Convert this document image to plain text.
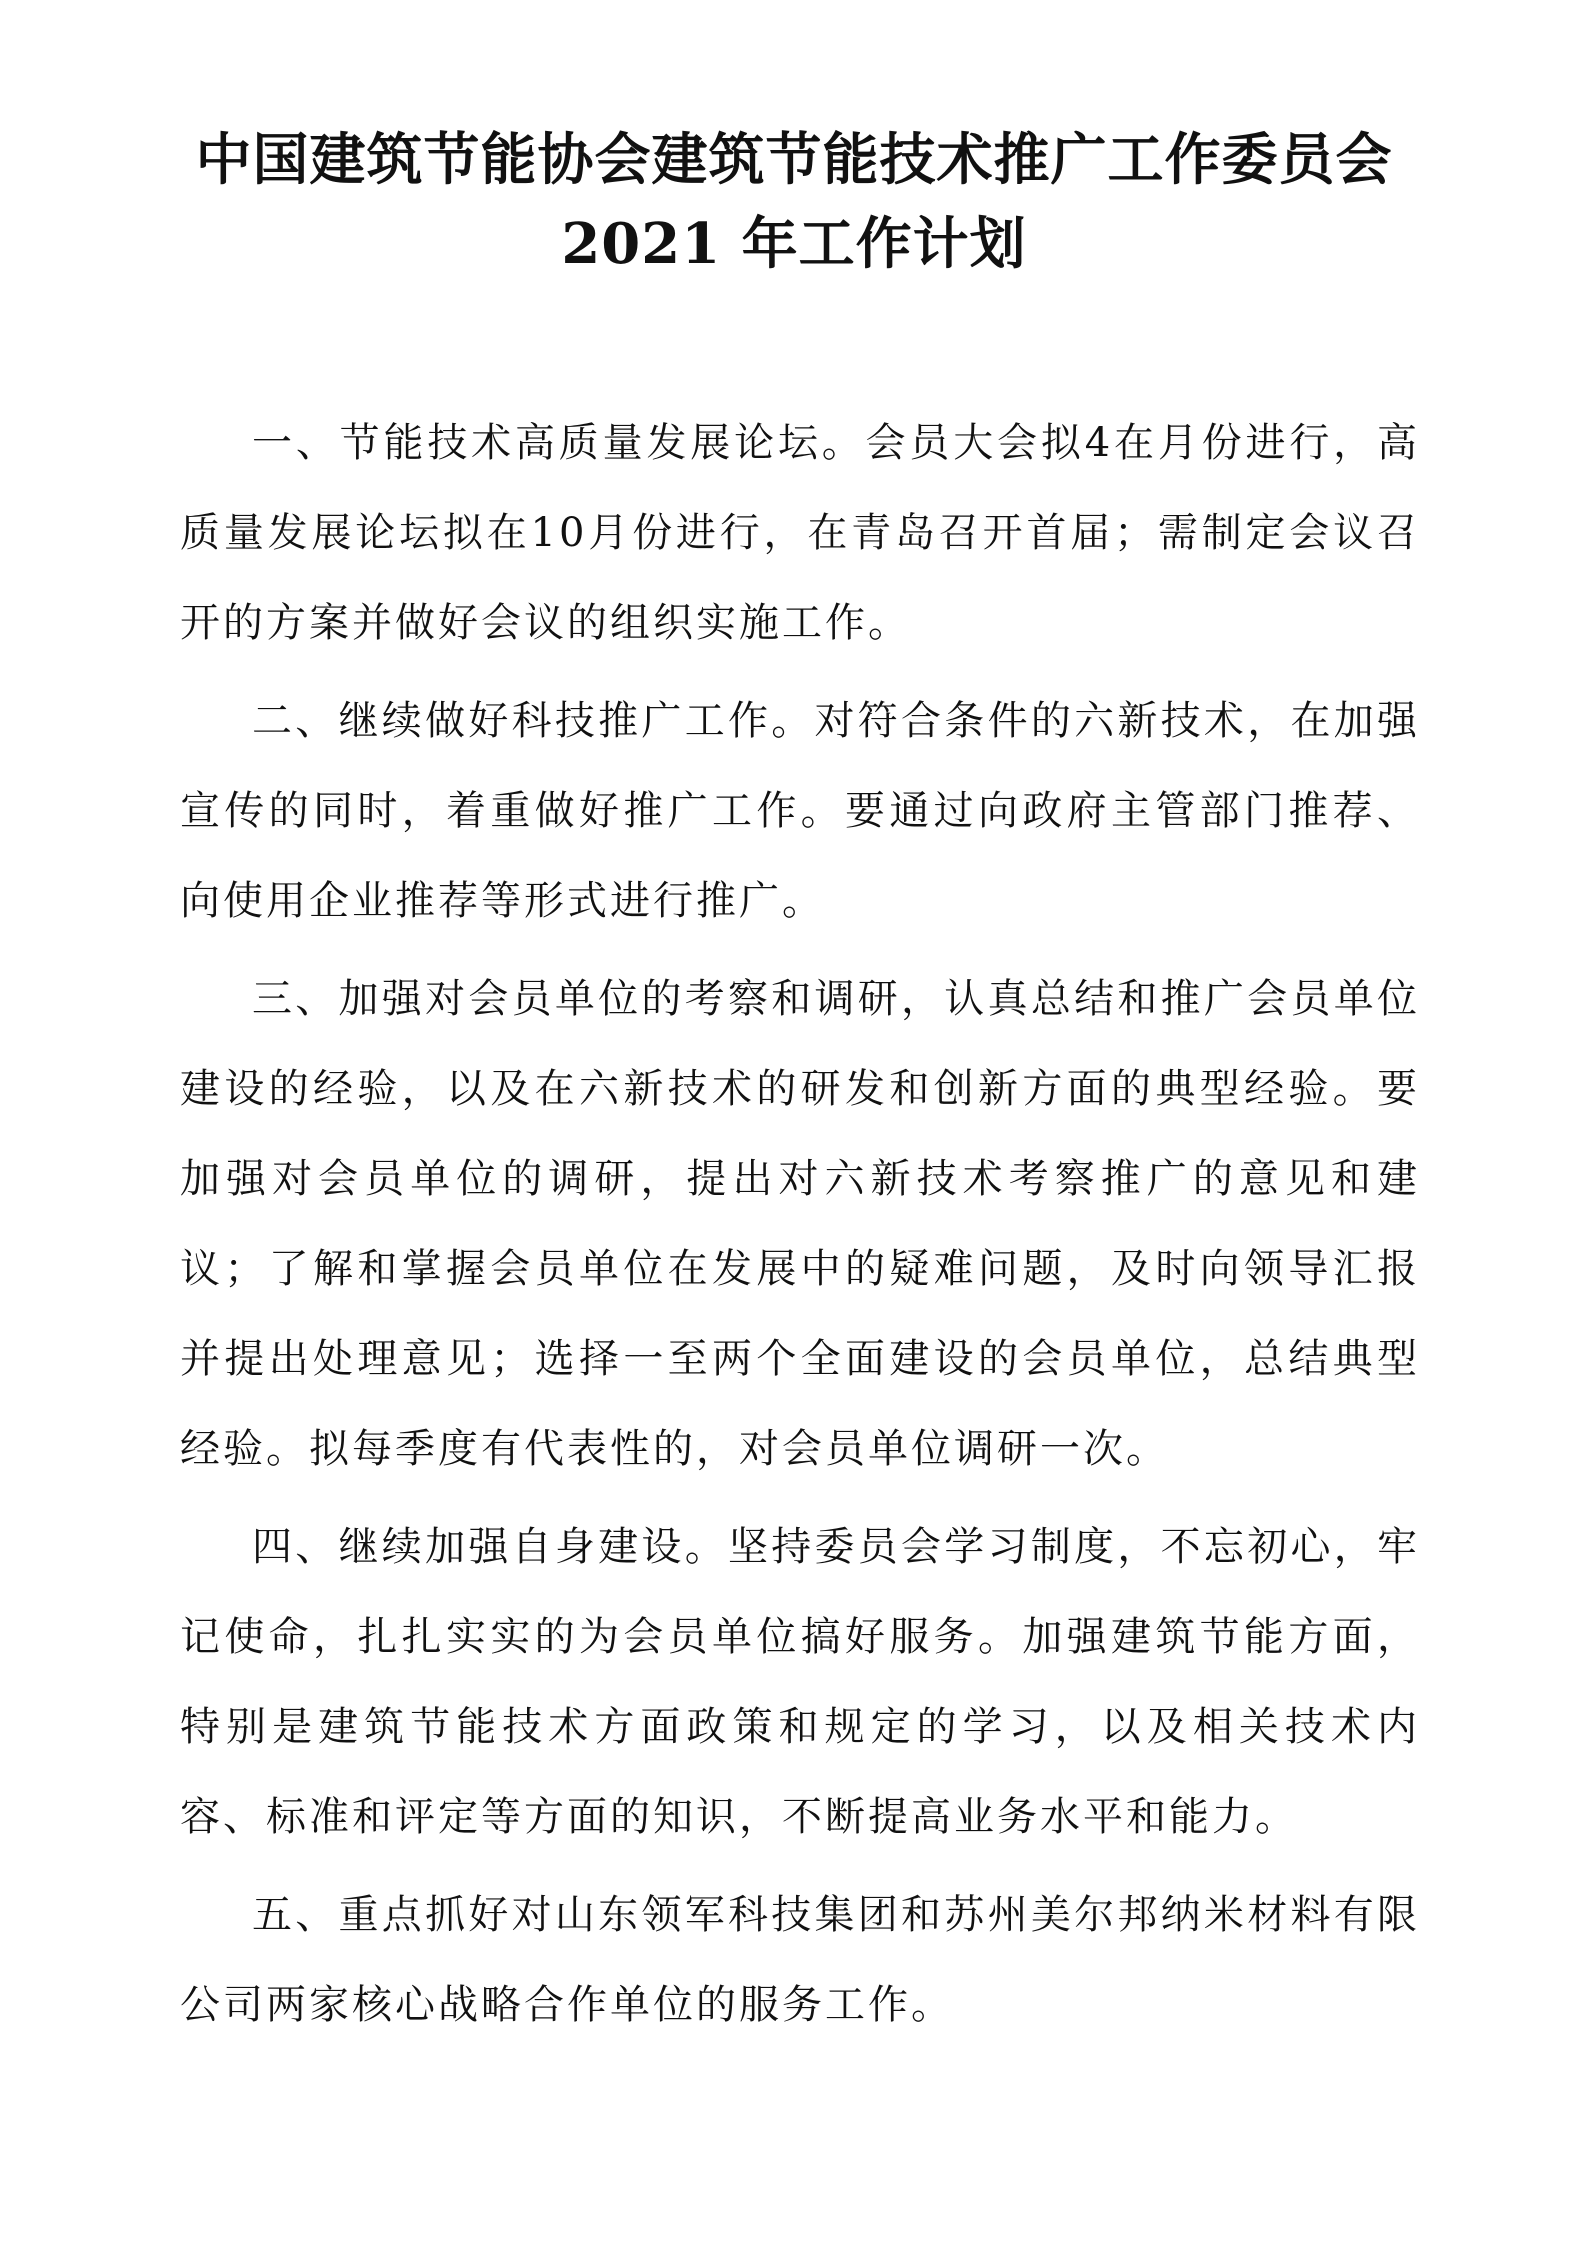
中国建筑节能协会建筑节能技术推广工作委员会
2021 年工作计划

一、节能技术高质量发展论坛。会员大会拟4在月份进行，高质量发展论坛拟在10月份进行，在青岛召开首届；需制定会议召开的方案并做好会议的组织实施工作。

二、继续做好科技推广工作。对符合条件的六新技术，在加强宣传的同时，着重做好推广工作。要通过向政府主管部门推荐、向使用企业推荐等形式进行推广。

三、加强对会员单位的考察和调研，认真总结和推广会员单位建设的经验，以及在六新技术的研发和创新方面的典型经验。要加强对会员单位的调研，提出对六新技术考察推广的意见和建议；了解和掌握会员单位在发展中的疑难问题，及时向领导汇报并提出处理意见；选择一至两个全面建设的会员单位，总结典型经验。拟每季度有代表性的，对会员单位调研一次。

四、继续加强自身建设。坚持委员会学习制度，不忘初心，牢记使命，扎扎实实的为会员单位搞好服务。加强建筑节能方面，特别是建筑节能技术方面政策和规定的学习，以及相关技术内容、标准和评定等方面的知识，不断提高业务水平和能力。

五、重点抓好对山东领军科技集团和苏州美尔邦纳米材料有限公司两家核心战略合作单位的服务工作。
